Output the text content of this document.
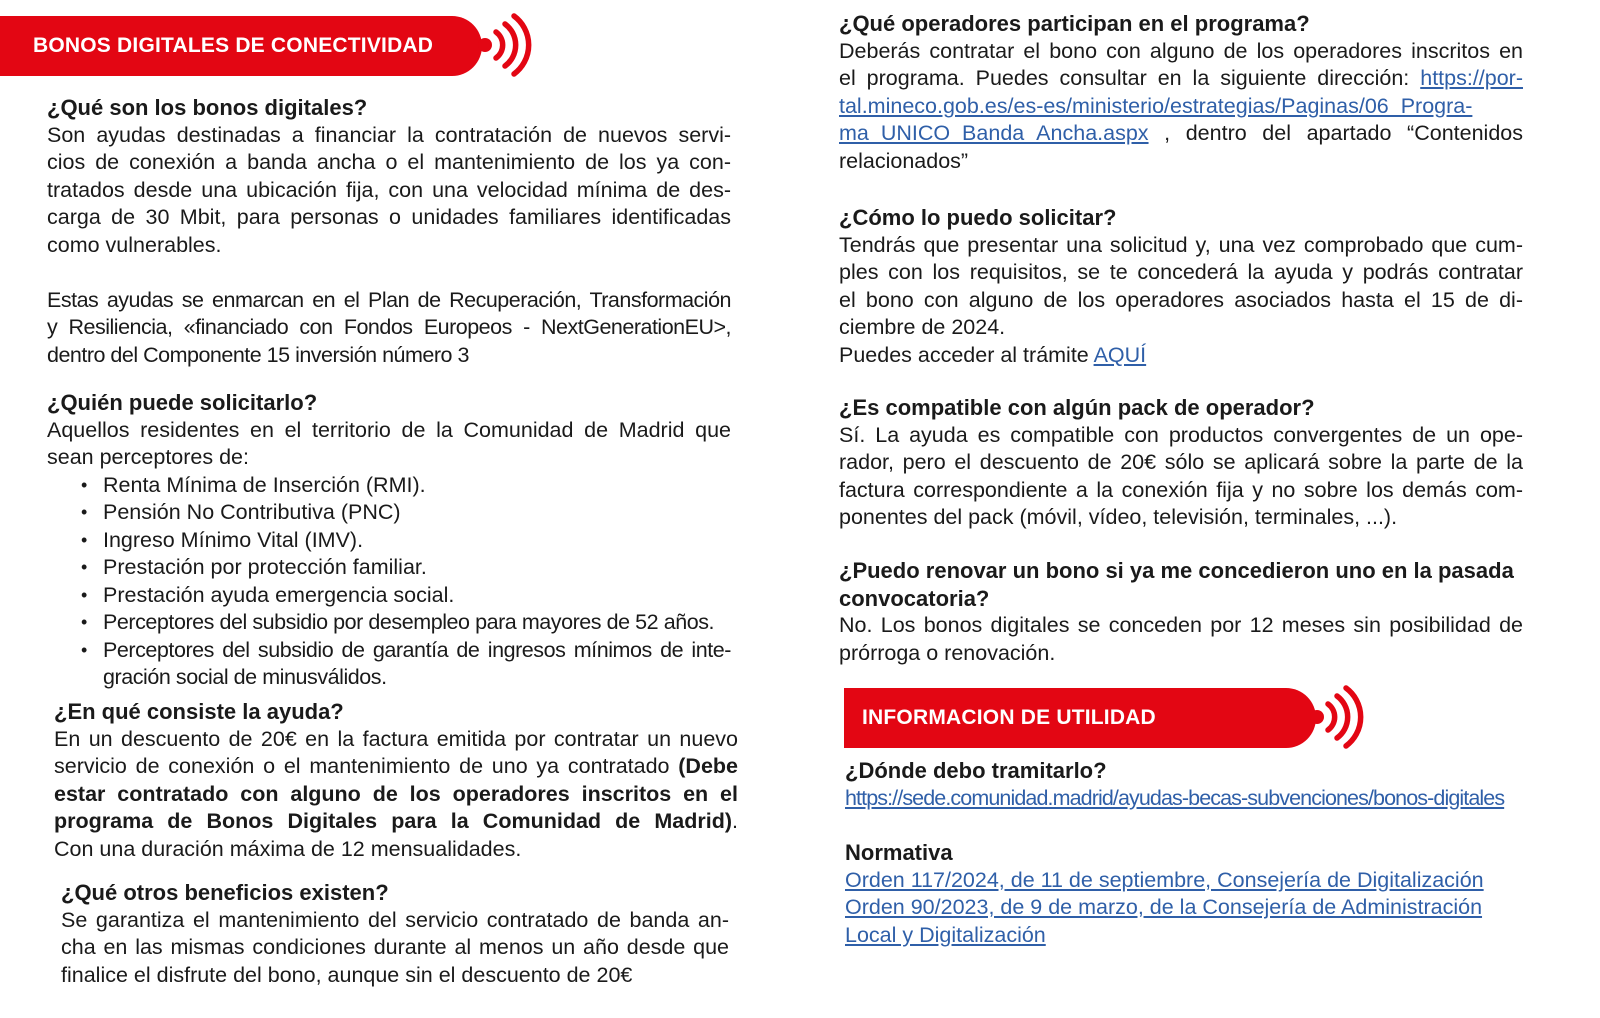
BONOS DIGITALES DE CONECTIVIDAD
¿Qué son los bonos digitales?
Son ayudas destinadas a financiar la contratación de nuevos servi-
cios de conexión a banda ancha o el mantenimiento de los ya con-
tratados desde una ubicación fija, con una velocidad mínima de des-
carga de 30 Mbit, para personas o unidades familiares identificadas
como vulnerables.
Estas ayudas se enmarcan en el Plan de Recuperación, Transformación
y Resiliencia, «financiado con Fondos Europeos - NextGenerationEU>,
dentro del Componente 15 inversión número 3
¿Quién puede solicitarlo?
Aquellos residentes en el territorio de la Comunidad de Madrid que
sean perceptores de:
• Renta Mínima de Inserción (RMI).
• Pensión No Contributiva (PNC)
• Ingreso Mínimo Vital (IMV).
• Prestación por protección familiar.
• Prestación ayuda emergencia social.
• Perceptores del subsidio por desempleo para mayores de 52 años.
• Perceptores del subsidio de garantía de ingresos mínimos de inte-
gración social de minusválidos.
¿En qué consiste la ayuda?
En un descuento de 20€ en la factura emitida por contratar un nuevo
servicio de conexión o el mantenimiento de uno ya contratado (Debe
estar contratado con alguno de los operadores inscritos en el
programa de Bonos Digitales para la Comunidad de Madrid).
Con una duración máxima de 12 mensualidades.
¿Qué otros beneficios existen?
Se garantiza el mantenimiento del servicio contratado de banda an-
cha en las mismas condiciones durante al menos un año desde que
finalice el disfrute del bono, aunque sin el descuento de 20€
¿Qué operadores participan en el programa?
Deberás contratar el bono con alguno de los operadores inscritos en
el programa. Puedes consultar en la siguiente dirección: https://por-
tal.mineco.gob.es/es-es/ministerio/estrategias/Paginas/06_Progra-
ma_UNICO_Banda_Ancha.aspx , dentro del apartado “Contenidos
relacionados”
¿Cómo lo puedo solicitar?
Tendrás que presentar una solicitud y, una vez comprobado que cum-
ples con los requisitos, se te concederá la ayuda y podrás contratar
el bono con alguno de los operadores asociados hasta el 15 de di-
ciembre de 2024.
Puedes acceder al trámite AQUÍ
¿Es compatible con algún pack de operador?
Sí. La ayuda es compatible con productos convergentes de un ope-
rador, pero el descuento de 20€ sólo se aplicará sobre la parte de la
factura correspondiente a la conexión fija y no sobre los demás com-
ponentes del pack (móvil, vídeo, televisión, terminales, ...).
¿Puedo renovar un bono si ya me concedieron uno en la pasada
convocatoria?
No. Los bonos digitales se conceden por 12 meses sin posibilidad de
prórroga o renovación.
INFORMACION DE UTILIDAD
¿Dónde debo tramitarlo?
https://sede.comunidad.madrid/ayudas-becas-subvenciones/bonos-digitales
Normativa
Orden 117/2024, de 11 de septiembre, Consejería de Digitalización
Orden 90/2023, de 9 de marzo, de la Consejería de Administración
Local y Digitalización
